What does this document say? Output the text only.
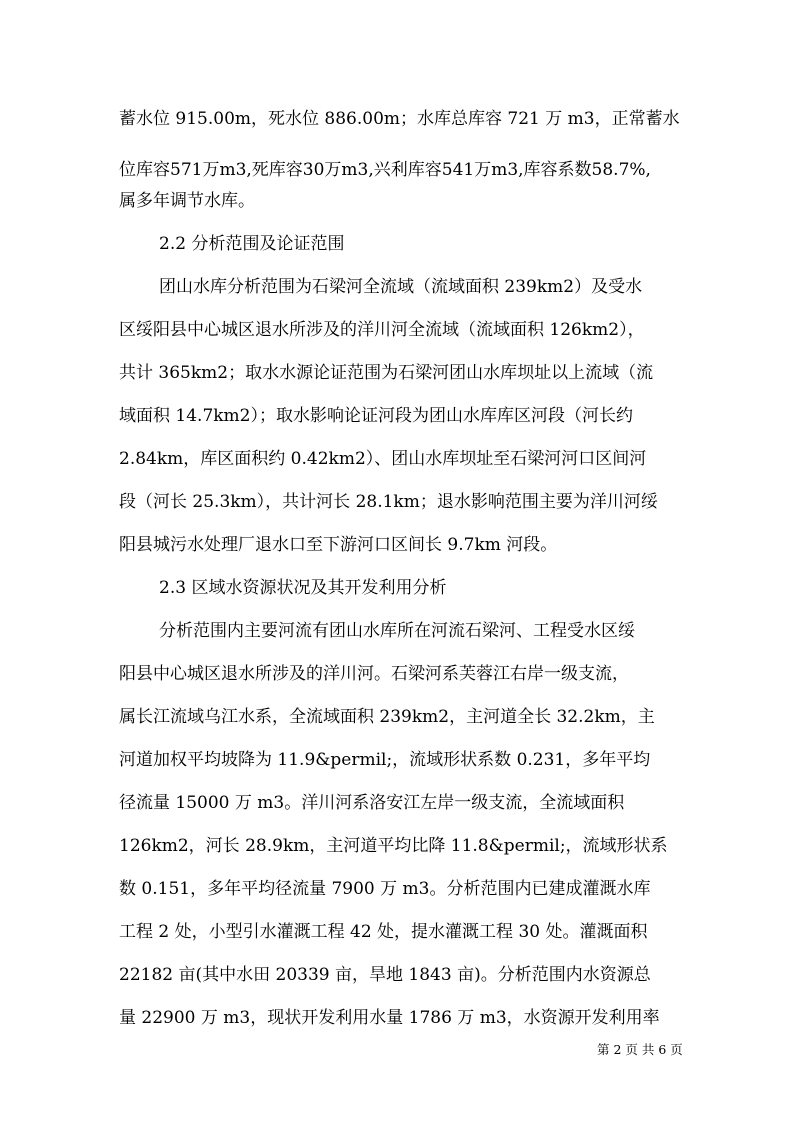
蓄水位 915.00m，死水位 886.00m；水库总库容 721 万 m3，正常蓄水
位库容571万m3,死库容30万m3,兴利库容541万m3,库容系数58.7%,
属多年调节水库。
2.2 分析范围及论证范围
团山水库分析范围为石梁河全流域（流域面积 239km2）及受水
区绥阳县中心城区退水所涉及的洋川河全流域（流域面积 126km2），
共计 365km2；取水水源论证范围为石梁河团山水库坝址以上流域（流
域面积 14.7km2）；取水影响论证河段为团山水库库区河段（河长约
2.84km，库区面积约 0.42km2）、团山水库坝址至石梁河河口区间河
段（河长 25.3km），共计河长 28.1km；退水影响范围主要为洋川河绥
阳县城污水处理厂退水口至下游河口区间长 9.7km 河段。
2.3 区域水资源状况及其开发利用分析
分析范围内主要河流有团山水库所在河流石梁河、工程受水区绥
阳县中心城区退水所涉及的洋川河。石梁河系芙蓉江右岸一级支流，
属长江流域乌江水系，全流域面积 239km2，主河道全长 32.2km，主
河道加权平均坡降为 11.9&permil;，流域形状系数 0.231，多年平均
径流量 15000 万 m3。洋川河系洛安江左岸一级支流，全流域面积
126km2，河长 28.9km，主河道平均比降 11.8&permil;，流域形状系
数 0.151，多年平均径流量 7900 万 m3。分析范围内已建成灌溉水库
工程 2 处，小型引水灌溉工程 42 处，提水灌溉工程 30 处。灌溉面积
22182 亩(其中水田 20339 亩，旱地 1843 亩)。分析范围内水资源总
量 22900 万 m3，现状开发利用水量 1786 万 m3，水资源开发利用率
第 2 页 共 6 页
